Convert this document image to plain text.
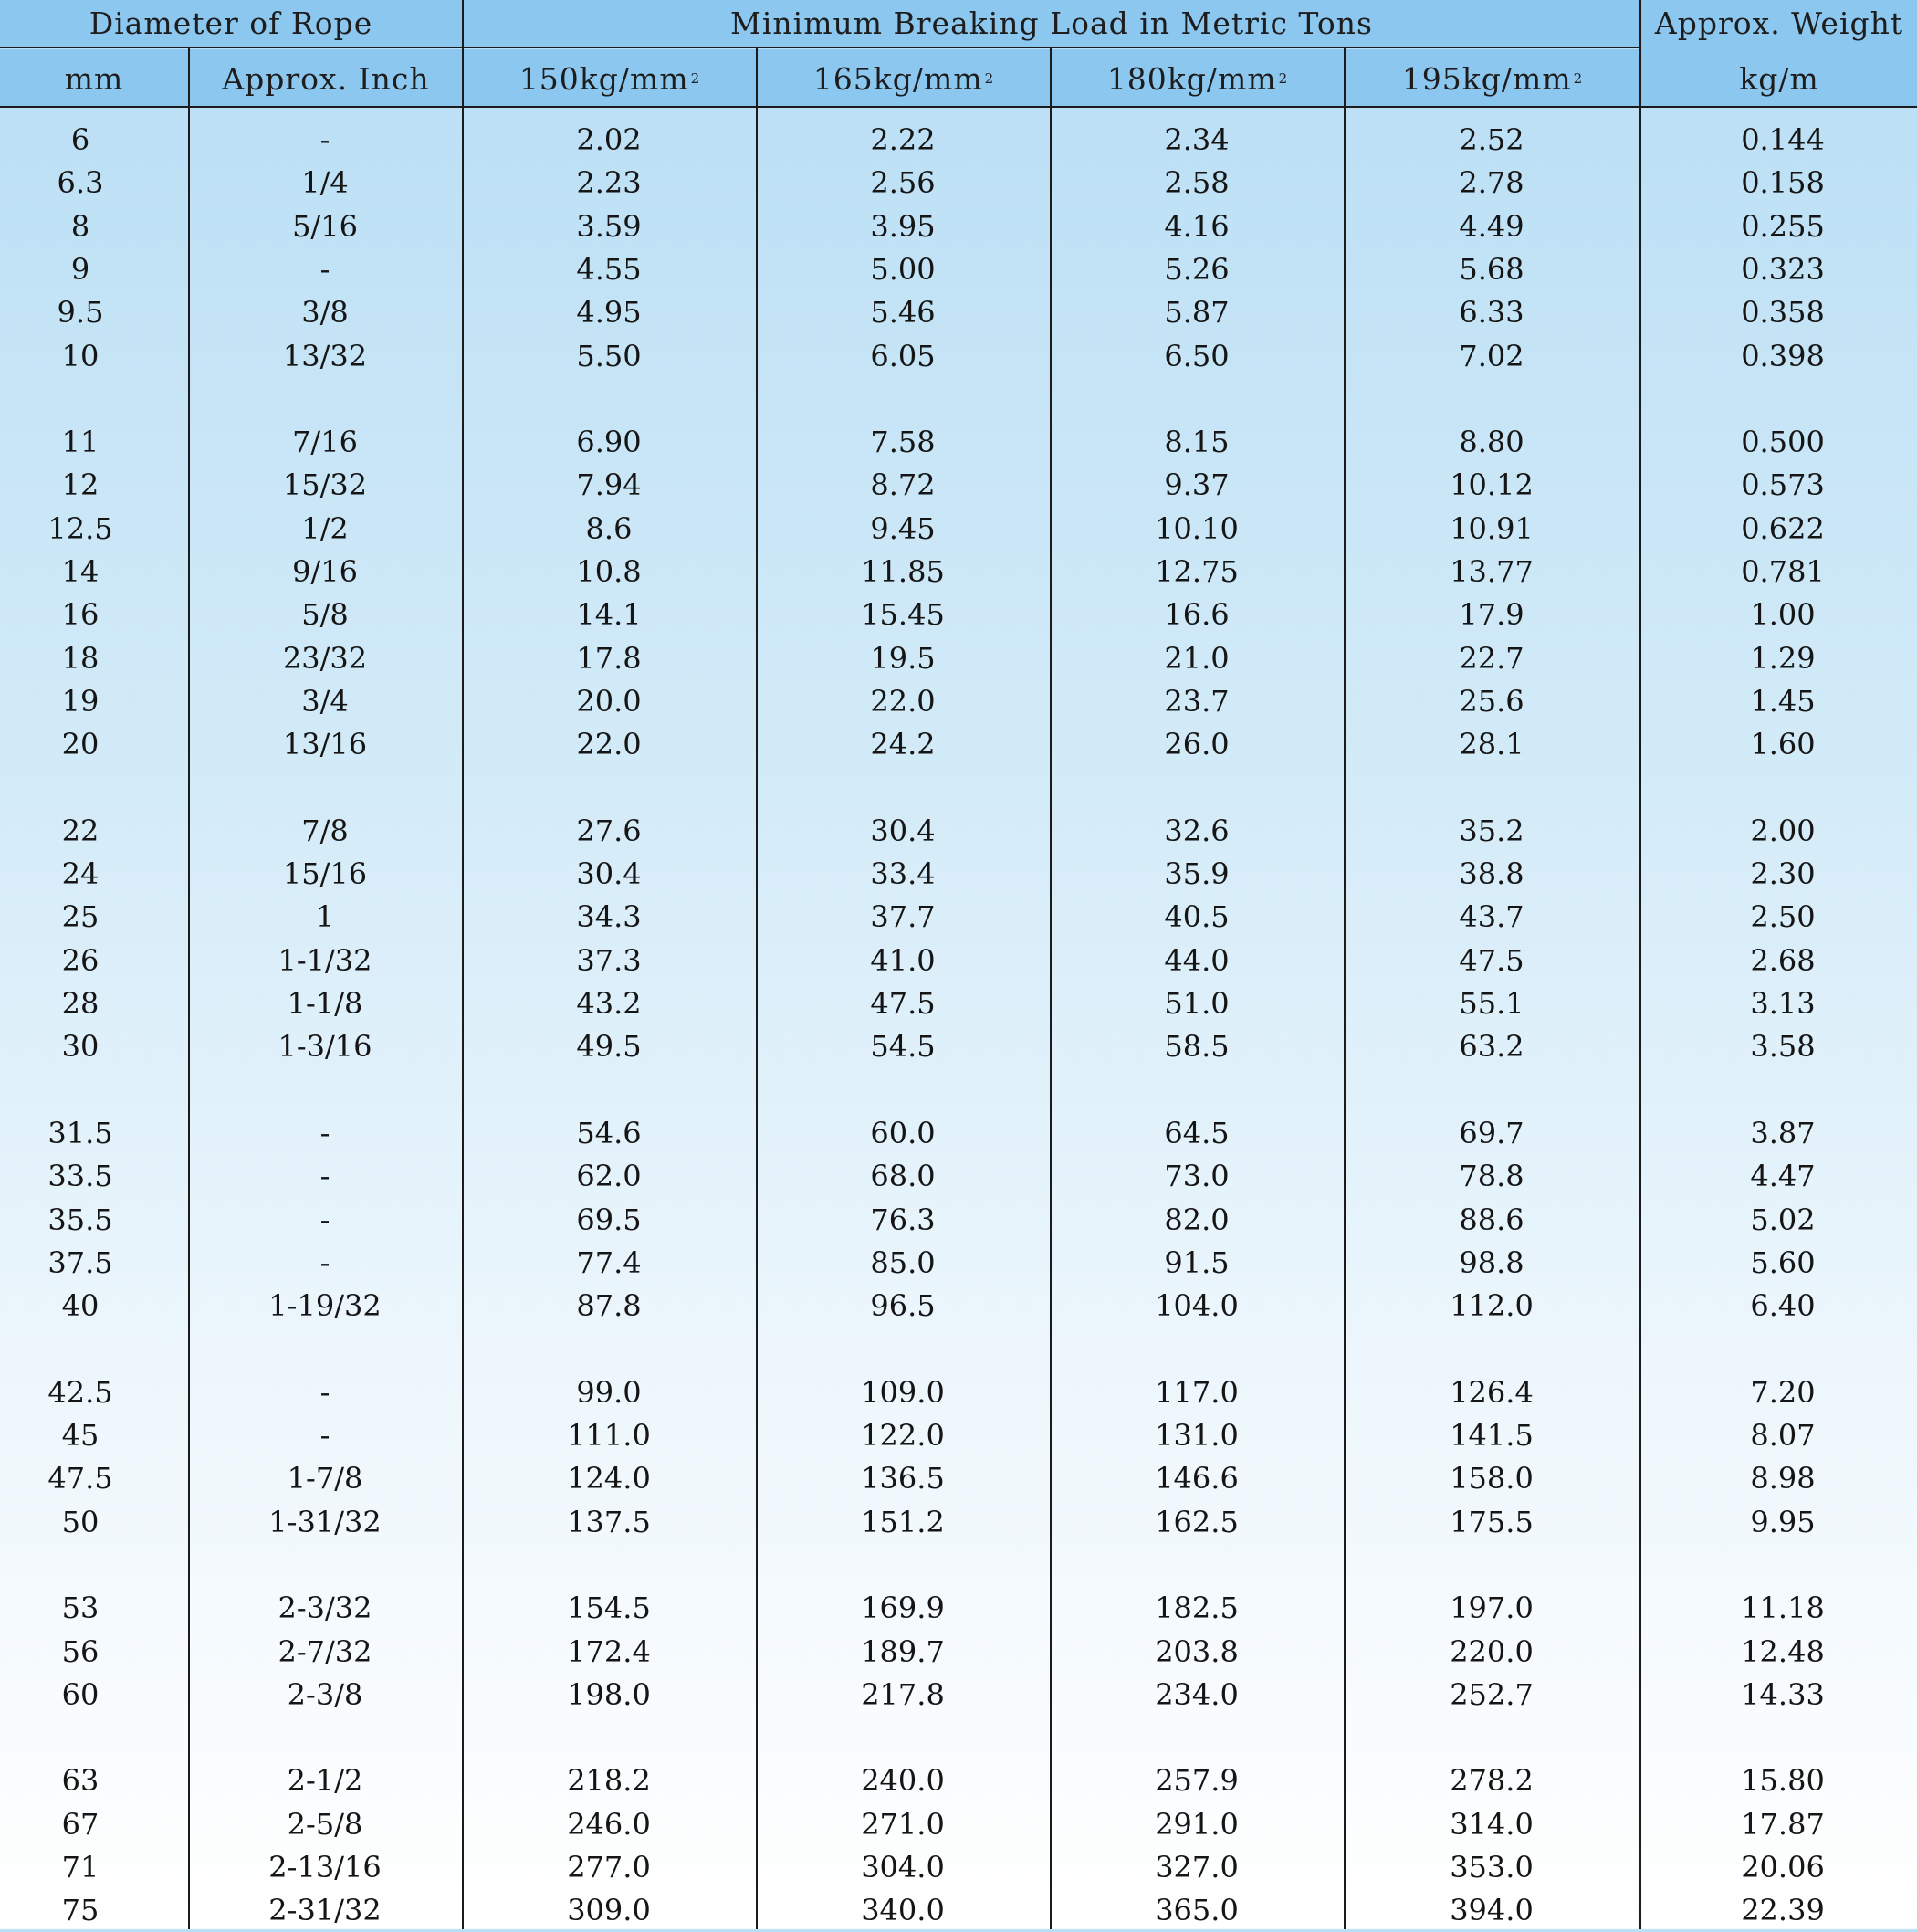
Diameter of Rope	Minimum Breaking Load in Metric Tons	Approx. Weight
mm	Approx. Inch	150kg/mm 2	165kg/mm 2	180kg/mm 2	195kg/mm 2	kg/m
6	-	2.02	2.22	2.34	2.52	0.144
6.3	1/4	2.23	2.56	2.58	2.78	0.158
8	5/16	3.59	3.95	4.16	4.49	0.255
9	-	4.55	5.00	5.26	5.68	0.323
9.5	3/8	4.95	5.46	5.87	6.33	0.358
10	13/32	5.50	6.05	6.50	7.02	0.398
11	7/16	6.90	7.58	8.15	8.80	0.500
12	15/32	7.94	8.72	9.37	10.12	0.573
12.5	1/2	8.6	9.45	10.10	10.91	0.622
14	9/16	10.8	11.85	12.75	13.77	0.781
16	5/8	14.1	15.45	16.6	17.9	1.00
18	23/32	17.8	19.5	21.0	22.7	1.29
19	3/4	20.0	22.0	23.7	25.6	1.45
20	13/16	22.0	24.2	26.0	28.1	1.60
22	7/8	27.6	30.4	32.6	35.2	2.00
24	15/16	30.4	33.4	35.9	38.8	2.30
25	1	34.3	37.7	40.5	43.7	2.50
26	1-1/32	37.3	41.0	44.0	47.5	2.68
28	1-1/8	43.2	47.5	51.0	55.1	3.13
30	1-3/16	49.5	54.5	58.5	63.2	3.58
31.5	-	54.6	60.0	64.5	69.7	3.87
33.5	-	62.0	68.0	73.0	78.8	4.47
35.5	-	69.5	76.3	82.0	88.6	5.02
37.5	-	77.4	85.0	91.5	98.8	5.60
40	1-19/32	87.8	96.5	104.0	112.0	6.40
42.5	-	99.0	109.0	117.0	126.4	7.20
45	-	111.0	122.0	131.0	141.5	8.07
47.5	1-7/8	124.0	136.5	146.6	158.0	8.98
50	1-31/32	137.5	151.2	162.5	175.5	9.95
53	2-3/32	154.5	169.9	182.5	197.0	11.18
56	2-7/32	172.4	189.7	203.8	220.0	12.48
60	2-3/8	198.0	217.8	234.0	252.7	14.33
63	2-1/2	218.2	240.0	257.9	278.2	15.80
67	2-5/8	246.0	271.0	291.0	314.0	17.87
71	2-13/16	277.0	304.0	327.0	353.0	20.06
75	2-31/32	309.0	340.0	365.0	394.0	22.39
